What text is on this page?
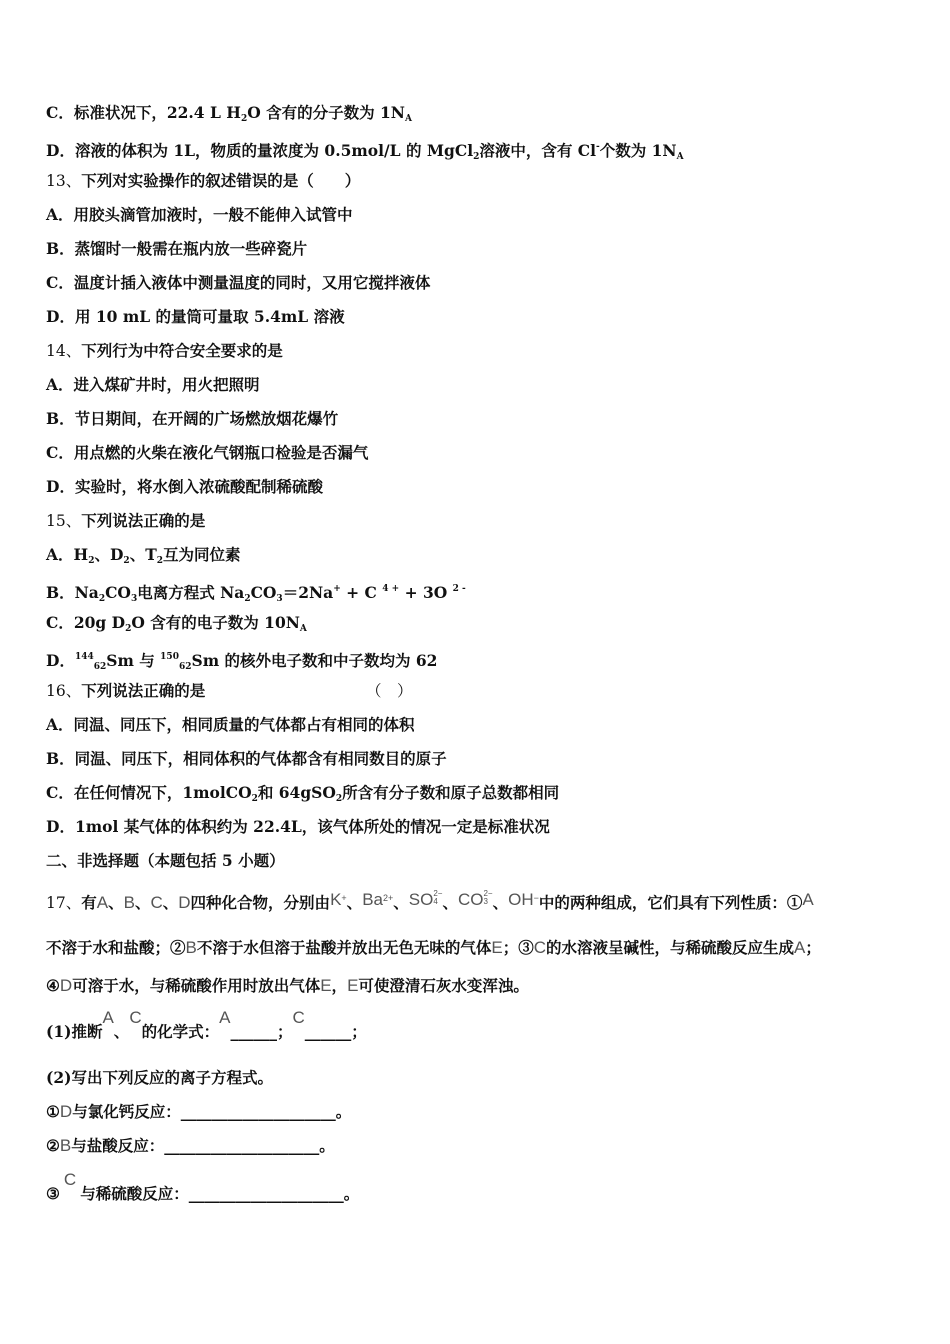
C．标准状况下，22.4 L $H_2O$ 含有的分子数为 $1N_A$
D．溶液的体积为 1L，物质的量浓度为 0.5mol/L 的 MgCl$_2$溶液中，含有 Cl-个数为 $1N_A$
13、下列对实验操作的叙述错误的是（　　）
A．用胶头滴管加液时，一般不能伸入试管中
B．蒸馏时一般需在瓶内放一些碎瓷片
C．温度计插入液体中测量温度的同时，又用它搅拌液体
D．用 10 mL 的量筒可量取 5.4mL 溶液
14、下列行为中符合安全要求的是
A．进入煤矿井时，用火把照明
B．节日期间，在开阔的广场燃放烟花爆竹
C．用点燃的火柴在液化气钢瓶口检验是否漏气
D．实验时，将水倒入浓硫酸配制稀硫酸
15、下列说法正确的是
A．$H_2$、$D_2$、$T_2$互为同位素
B．$Na_2CO_3$电离方程式 $Na_2CO_3=2Na^+ + C$ $^{4 +}$ + 3O $^{2 -}$
C．20g $D_2O$ 含有的电子数为 $10N_A$
D．$^{144}_{62}$Sm 与 $^{150}_{62}$Sm 的核外电子数和中子数均为 62
16、下列说法正确的是	（　）
A．同温、同压下，相同质量的气体都占有相同的体积
B．同温、同压下，相同体积的气体都含有相同数目的原子
C．在任何情况下，1molCO$_2$和 64gSO$_2$所含有分子数和原子总数都相同
D．1mol 某气体的体积约为 22.4L，该气体所处的情况一定是标准状况
二、非选择题（本题包括 5 小题）
17、有A、B、C、D四种化合物，分别由K+、$Ba^{2+}$、SO 2−
4 、CO 2−
3 、OH−中的两种组成，它们具有下列性质：①A
不溶于水和盐酸；②B不溶于水但溶于盐酸并放出无色无味的气体E；③C的水溶液呈碱性，与稀硫酸反应生成A；
④D可溶于水，与稀硫酸作用时放出气体E，E可使澄清石灰水变浑浊。
(1)推断A、C的化学式：A______；C______；
(2)写出下列反应的离子方程式。
①D与氯化钙反应：____________________。
②B与盐酸反应：____________________。
③C与稀硫酸反应：____________________。
